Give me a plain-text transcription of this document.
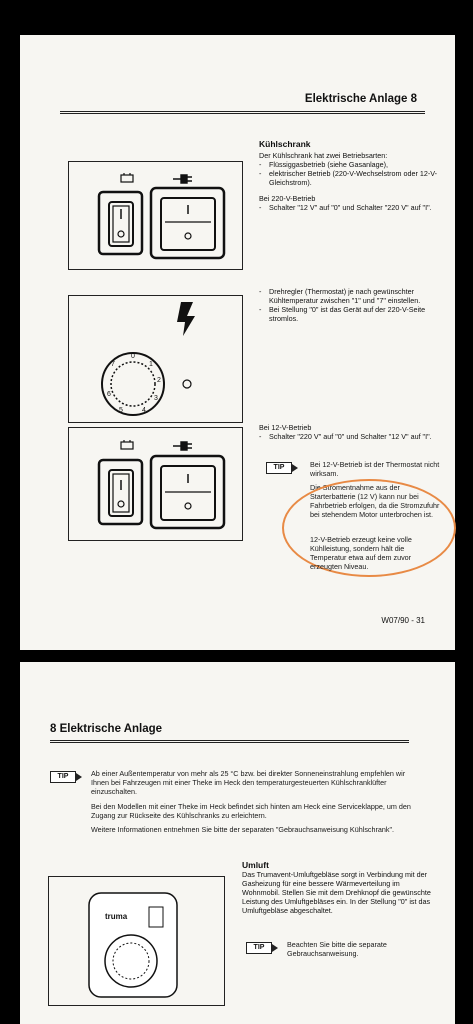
Elektrische Anlage 8
Kühlschrank

Der Kühlschrank hat zwei Betriebsarten:

- Flüssiggasbetrieb (siehe Gasanlage),
- elektrischer Betrieb (220-V-Wechselstrom oder 12-V-Gleichstrom).

Bei 220-V-Betrieb

- Schalter "12 V" auf "0" und Schalter "220 V" auf "I".
0
1
2
3
4
5
6
7
- Drehregler (Thermostat) je nach gewünschter Kühltemperatur zwischen "1" und "7" einstellen.
- Bei Stellung "0" ist das Gerät auf der 220-V-Seite stromlos.

Bei 12-V-Betrieb

- Schalter "220 V" auf "0" und Schalter "12 V" auf "I".
TIP	Bei 12-V-Betrieb ist der Thermostat nicht wirksam.
Die Stromentnahme aus der Starterbatterie (12 V) kann nur bei Fahrbetrieb erfolgen, da die Stromzufuhr bei stehendem Motor unterbrochen ist.
12-V-Betrieb erzeugt keine volle Kühlleistung, sondern hält die Temperatur etwa auf dem zuvor erzeugten Niveau.
W07/90 - 31
8 Elektrische Anlage
TIP	Ab einer Außentemperatur von mehr als 25 °C bzw. bei direkter Sonneneinstrahlung empfehlen wir Ihnen bei Fahrzeugen mit einer Theke im Heck den temperaturgesteuerten Kühlschranklüfter einzuschalten.
Bei den Modellen mit einer Theke im Heck befindet sich hinten am Heck eine Serviceklappe, um den Zugang zur Rückseite des Kühlschranks zu erleichtern.
Weitere Informationen entnehmen Sie bitte der separaten "Gebrauchsanweisung Kühlschrank".
truma
Umluft

Das Trumavent-Umluftgebläse sorgt in Verbindung mit der Gasheizung für eine bessere Wärmeverteilung im Wohnmobil. Stellen Sie mit dem Drehknopf die gewünschte Leistung des Umluftgebläses ein. In der Stellung "0" ist das Umluftgebläse abgeschaltet.

TIP	Beachten Sie bitte die separate Gebrauchsanweisung.
